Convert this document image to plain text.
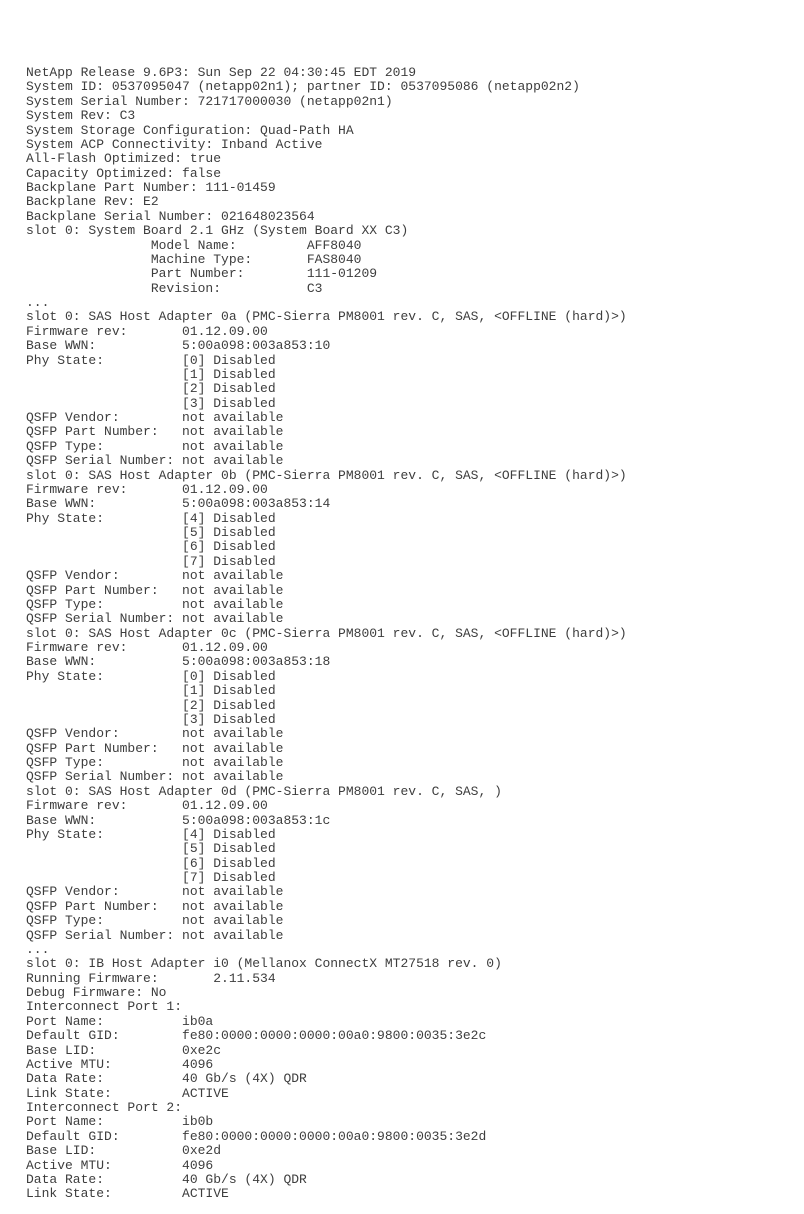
NetApp Release 9.6P3: Sun Sep 22 04:30:45 EDT 2019
System ID: 0537095047 (netapp02n1); partner ID: 0537095086 (netapp02n2)
System Serial Number: 721717000030 (netapp02n1)
System Rev: C3
System Storage Configuration: Quad-Path HA
System ACP Connectivity: Inband Active
All-Flash Optimized: true
Capacity Optimized: false
Backplane Part Number: 111-01459
Backplane Rev: E2
Backplane Serial Number: 021648023564
slot 0: System Board 2.1 GHz (System Board XX C3)
Model Name:         AFF8040
Machine Type:       FAS8040
Part Number:        111-01209
Revision:           C3
...
slot 0: SAS Host Adapter 0a (PMC-Sierra PM8001 rev. C, SAS, <OFFLINE (hard)>)
Firmware rev:       01.12.09.00
Base WWN:           5:00a098:003a853:10
Phy State:          [0] Disabled
[1] Disabled
[2] Disabled
[3] Disabled
QSFP Vendor:        not available
QSFP Part Number:   not available
QSFP Type:          not available
QSFP Serial Number: not available
slot 0: SAS Host Adapter 0b (PMC-Sierra PM8001 rev. C, SAS, <OFFLINE (hard)>)
Firmware rev:       01.12.09.00
Base WWN:           5:00a098:003a853:14
Phy State:          [4] Disabled
[5] Disabled
[6] Disabled
[7] Disabled
QSFP Vendor:        not available
QSFP Part Number:   not available
QSFP Type:          not available
QSFP Serial Number: not available
slot 0: SAS Host Adapter 0c (PMC-Sierra PM8001 rev. C, SAS, <OFFLINE (hard)>)
Firmware rev:       01.12.09.00
Base WWN:           5:00a098:003a853:18
Phy State:          [0] Disabled
[1] Disabled
[2] Disabled
[3] Disabled
QSFP Vendor:        not available
QSFP Part Number:   not available
QSFP Type:          not available
QSFP Serial Number: not available
slot 0: SAS Host Adapter 0d (PMC-Sierra PM8001 rev. C, SAS, )
Firmware rev:       01.12.09.00
Base WWN:           5:00a098:003a853:1c
Phy State:          [4] Disabled
[5] Disabled
[6] Disabled
[7] Disabled
QSFP Vendor:        not available
QSFP Part Number:   not available
QSFP Type:          not available
QSFP Serial Number: not available
...
slot 0: IB Host Adapter i0 (Mellanox ConnectX MT27518 rev. 0)
Running Firmware:       2.11.534
Debug Firmware: No
Interconnect Port 1:
Port Name:          ib0a
Default GID:        fe80:0000:0000:0000:00a0:9800:0035:3e2c
Base LID:           0xe2c
Active MTU:         4096
Data Rate:          40 Gb/s (4X) QDR
Link State:         ACTIVE
Interconnect Port 2:
Port Name:          ib0b
Default GID:        fe80:0000:0000:0000:00a0:9800:0035:3e2d
Base LID:           0xe2d
Active MTU:         4096
Data Rate:          40 Gb/s (4X) QDR
Link State:         ACTIVE
